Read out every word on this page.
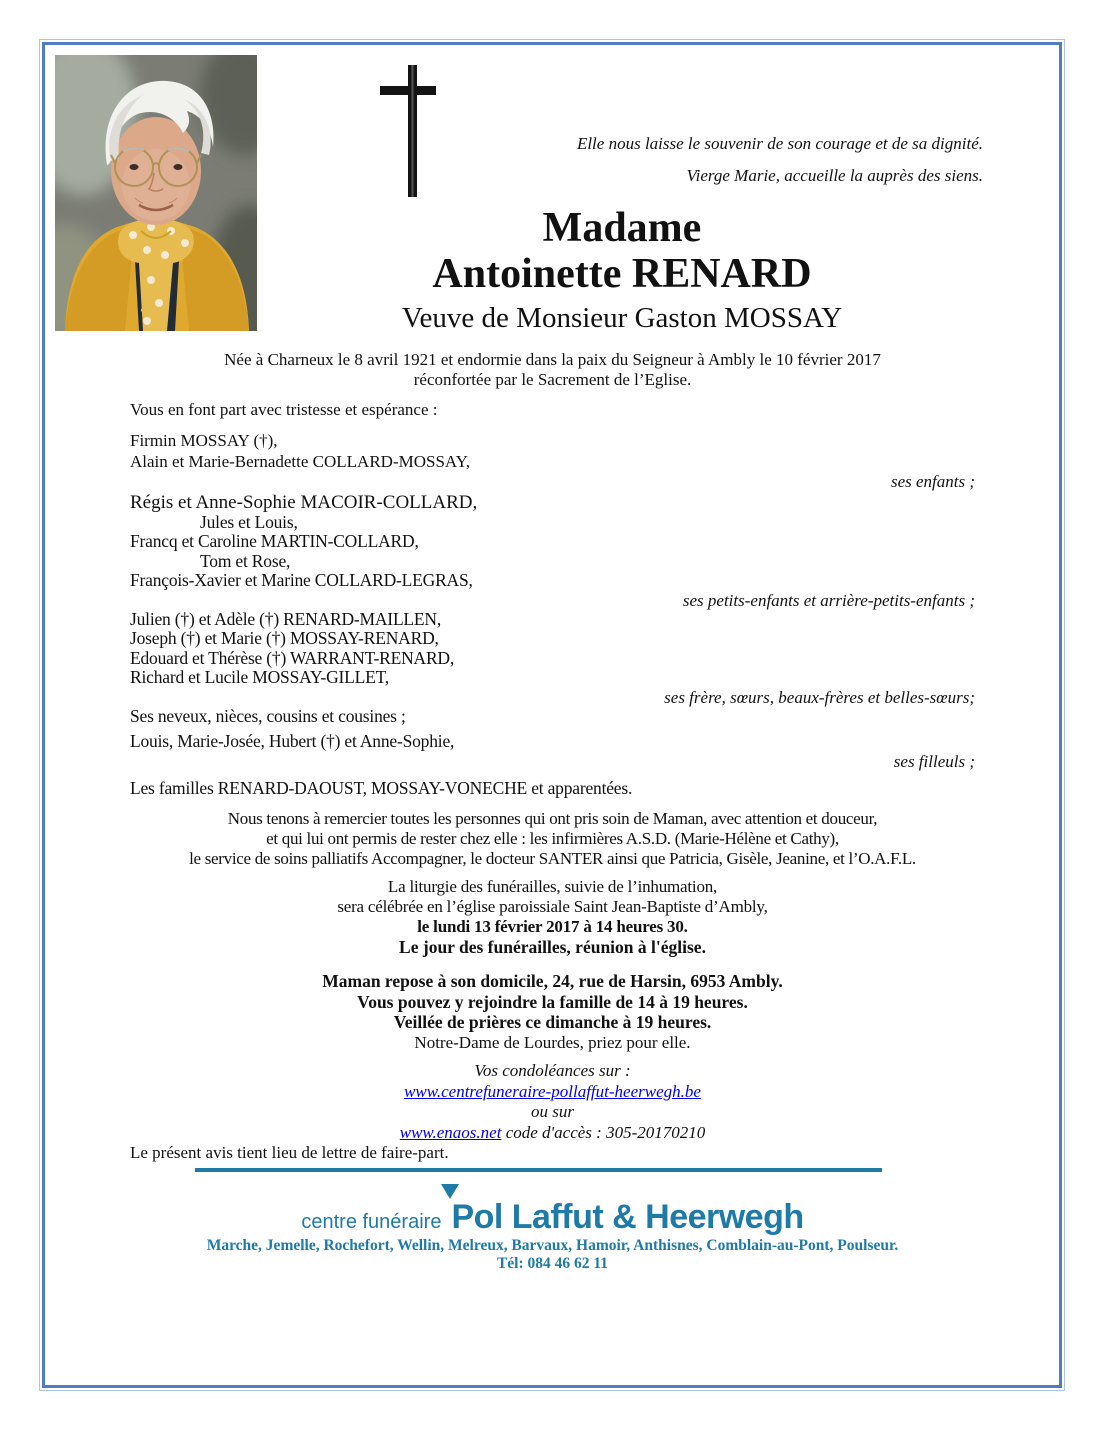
Elle nous laisse le souvenir de son courage et de sa dignité.
Vierge Marie, accueille la auprès des siens.

Madame

Antoinette RENARD

Veuve de Monsieur Gaston MOSSAY

Née à Charneux le 8 avril 1921 et endormie dans la paix du Seigneur à Ambly le 10 février 2017

réconfortée par le Sacrement de l’Eglise.

Vous en font part avec tristesse et espérance :

Firmin MOSSAY (†),

Alain et Marie-Bernadette COLLARD-MOSSAY,

ses enfants ;

Régis et Anne-Sophie MACOIR-COLLARD,

Jules et Louis,

Francq et Caroline MARTIN-COLLARD,

Tom et Rose,

François-Xavier et Marine COLLARD-LEGRAS,

ses petits-enfants et arrière-petits-enfants ;

Julien (†) et Adèle (†) RENARD-MAILLEN,

Joseph (†) et Marie (†) MOSSAY-RENARD,

Edouard et Thérèse (†) WARRANT-RENARD,

Richard et Lucile MOSSAY-GILLET,

ses frère, sœurs, beaux-frères et belles-sœurs;

Ses neveux, nièces, cousins et cousines ;

Louis, Marie-Josée, Hubert (†) et Anne-Sophie,

ses filleuls ;

Les familles RENARD-DAOUST, MOSSAY-VONECHE et apparentées.

Nous tenons à remercier toutes les personnes qui ont pris soin de Maman, avec attention et douceur,

et qui lui ont permis de rester chez elle : les infirmières A.S.D. (Marie-Hélène et Cathy),

le service de soins palliatifs Accompagner, le docteur SANTER ainsi que Patricia, Gisèle, Jeanine, et l’O.A.F.L.

La liturgie des funérailles, suivie de l’inhumation,

sera célébrée en l’église paroissiale Saint Jean-Baptiste d’Ambly,

le lundi 13 février 2017 à 14 heures 30.

Le jour des funérailles, réunion à l'église.

Maman repose à son domicile, 24, rue de Harsin, 6953 Ambly.

Vous pouvez y rejoindre la famille de 14 à 19 heures.

Veillée de prières ce dimanche à 19 heures.

Notre-Dame de Lourdes, priez pour elle.

Vos condoléances sur :

www.centrefuneraire-pollaffut-heerwegh.be

ou sur

www.enaos.net code d'accès : 305-20170210

Le présent avis tient lieu de lettre de faire-part.

centre funéraire Pol Laffut & Heerwegh

Marche, Jemelle, Rochefort, Wellin, Melreux, Barvaux, Hamoir, Anthisnes, Comblain-au-Pont, Poulseur.

Tél: 084 46 62 11
